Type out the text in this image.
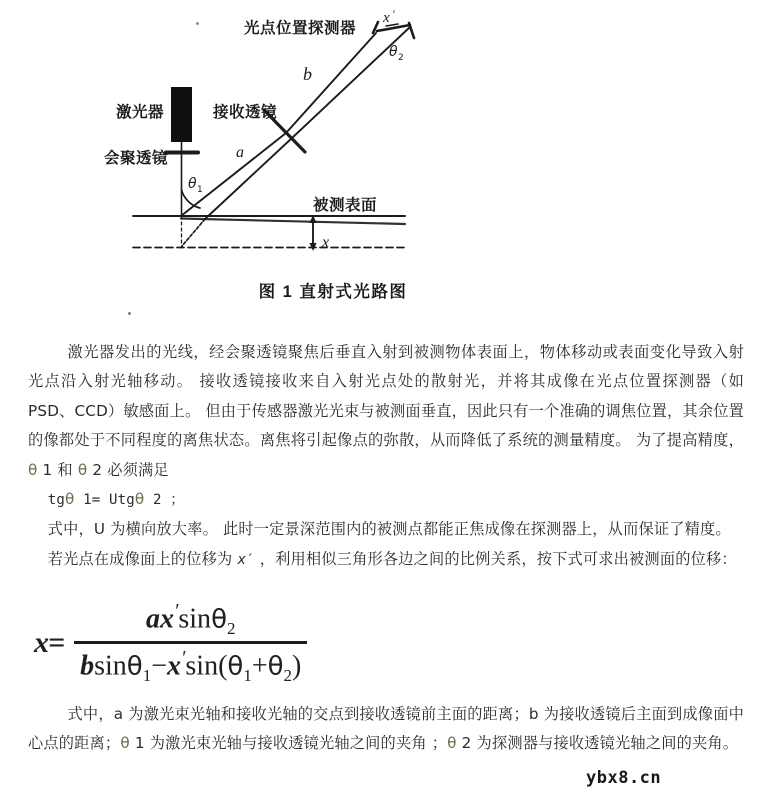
光点位置探测器
激光器	接收透镜
会聚透镜
被测表面
b
a
x
x ′
θ 1
θ 2
图 1 直射式光路图

激光器发出的光线，经会聚透镜聚焦后垂直入射到被测物体表面上，物体移动或表面变化导致入射光点沿入射光轴移动。 接收透镜接收来自入射光点处的散射光，并将其成像在光点位置探测器（如 PSD、CCD）敏感面上。 但由于传感器激光光束与被测面垂直，因此只有一个准确的调焦位置，其余位置的像都处于不同程度的离焦状态。离焦将引起像点的弥散，从而降低了系统的测量精度。 为了提高精度，θ 1 和 θ 2 必须满足

tgθ 1= Utgθ 2 ；

式中，U 为横向放大率。 此时一定景深范围内的被测点都能正焦成像在探测器上，从而保证了精度。

若光点在成像面上的位移为 x′ ，利用相似三角形各边之间的比例关系，按下式可求出被测面的位移：

$x= \frac{ax'\sin\theta_2}{bsin\theta_1-x'\sin(\theta_1+\theta_2)}$

式中，a 为激光束光轴和接收光轴的交点到接收透镜前主面的距离；b 为接收透镜后主面到成像面中心点的距离；θ 1 为激光束光轴与接收透镜光轴之间的夹角 ；θ 2 为探测器与接收透镜光轴之间的夹角。

ybx8.cn
